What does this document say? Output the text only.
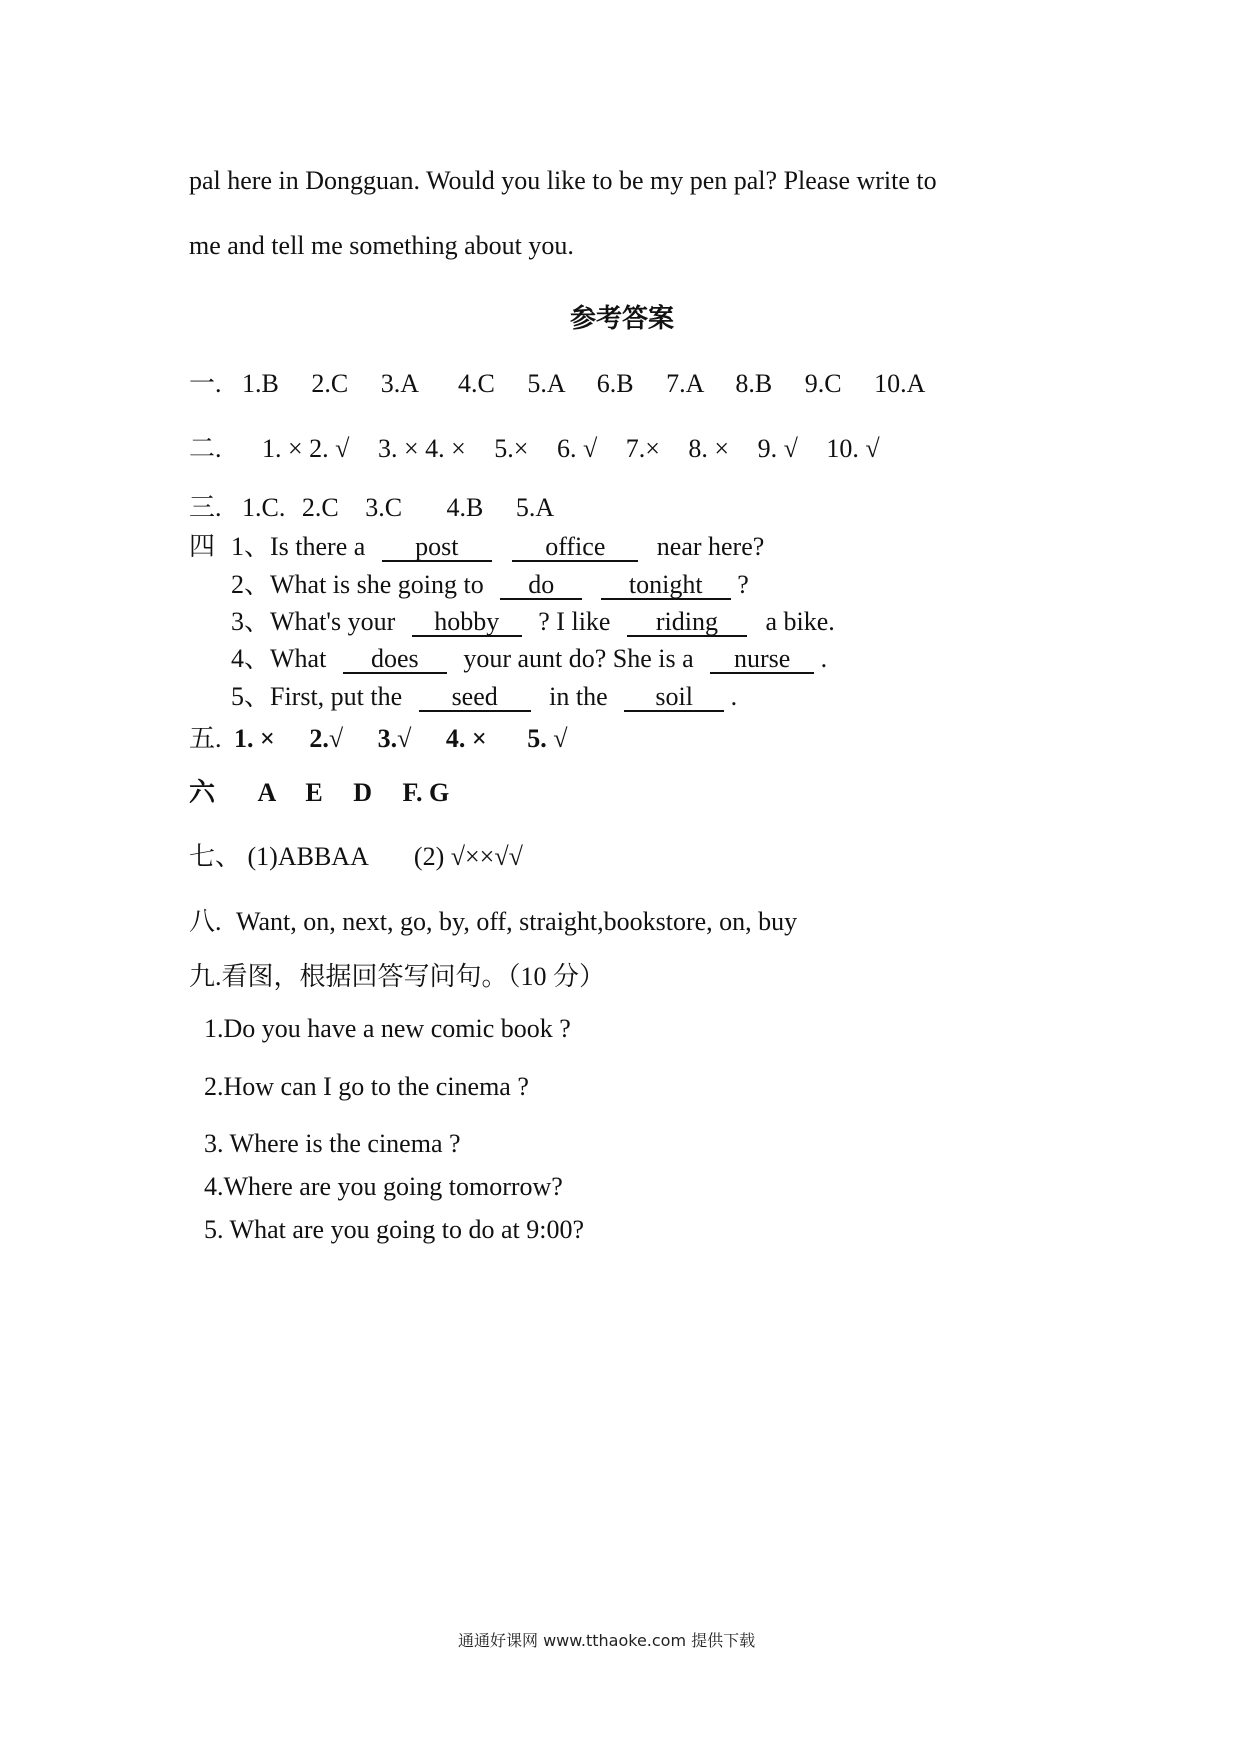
pal here in Dongguan. Would you like to be my pen pal? Please write to
me and tell me something about you.
参考答案
一. 1.B 2.C 3.A 4.C 5.A 6.B 7.A 8.B 9.C 10.A
二. 1. × 2. √ 3. × 4. × 5.× 6. √ 7.× 8. × 9. √ 10. √
三. 1.C. 2.C 3.C 4.B 5.A
四 1、Is there a post	office near here?
2、What is she going to do	tonight ?
3、What's your hobby ? I like riding a bike.
4、What does your aunt do? She is a nurse .
5、First, put the seed in the soil .
五. 1. × 2.√ 3.√ 4. × 5. √
六 A E D F. G
七、 (1)ABBAA (2) √××√√
八. Want, on, next, go, by, off, straight,bookstore, on, buy
九.看图，根据回答写问句。（10 分）
1.Do you have a new comic book ?
2.How can I go to the cinema ?
3. Where is the cinema ?
4.Where are you going tomorrow?
5. What are you going to do at 9:00?
通通好课网 www.tthaoke.com 提供下载
